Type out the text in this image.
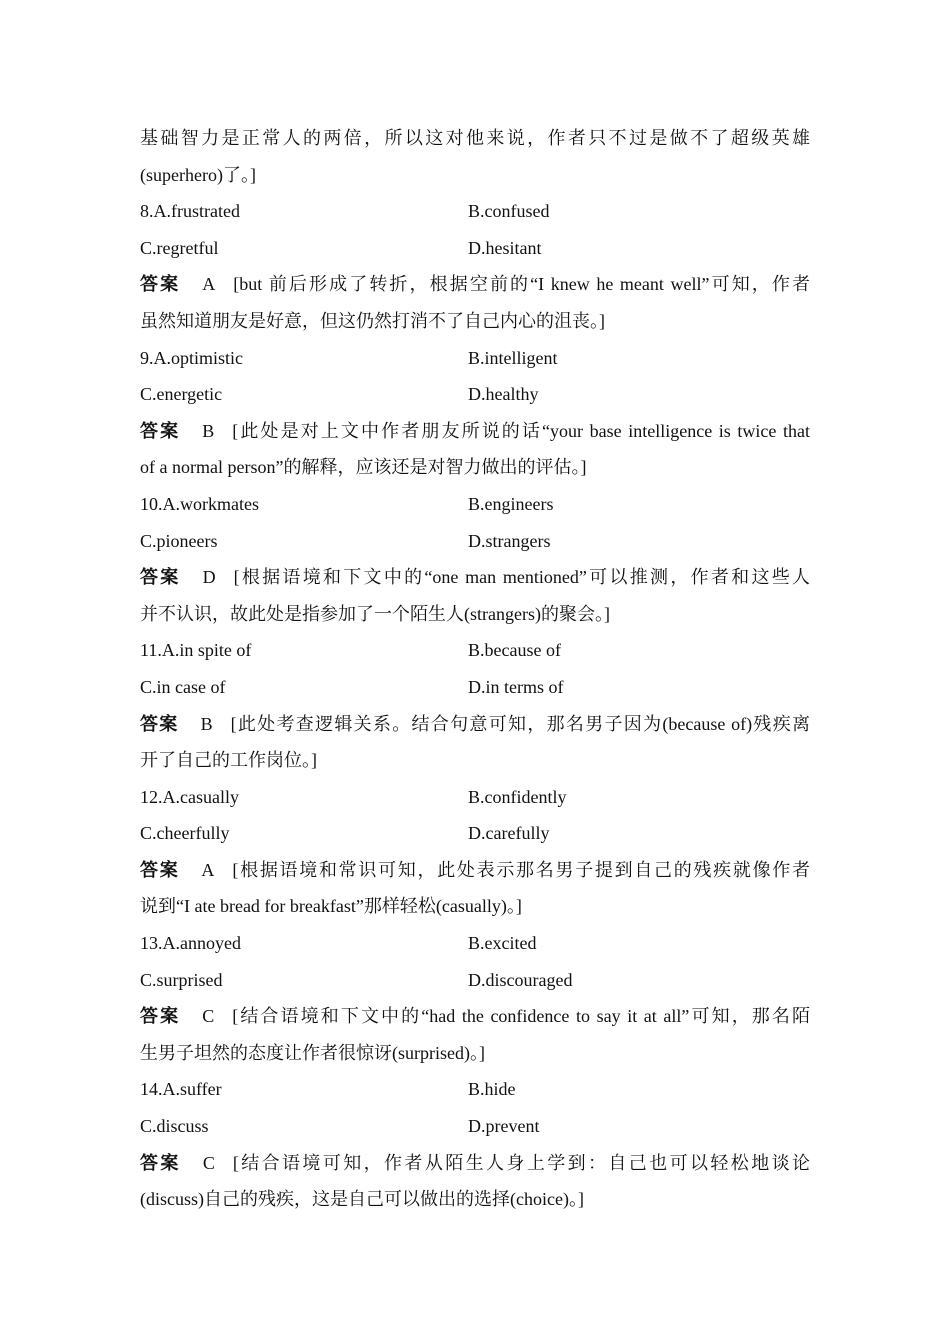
基础智力是正常人的两倍，所以这对他来说，作者只不过是做不了超级英雄
(superhero)了。]
8.A.frustrated	B.confused
C.regretful	D.hesitant
答案 A [but 前后形成了转折，根据空前的“I knew he meant well”可知，作者
虽然知道朋友是好意，但这仍然打消不了自己内心的沮丧。]
9.A.optimistic	B.intelligent
C.energetic	D.healthy
答案 B [此处是对上文中作者朋友所说的话“your base intelligence is twice that
of a normal person”的解释，应该还是对智力做出的评估。]
10.A.workmates	B.engineers
C.pioneers	D.strangers
答案 D [根据语境和下文中的“one man mentioned”可以推测，作者和这些人
并不认识，故此处是指参加了一个陌生人(strangers)的聚会。]
11.A.in spite of	B.because of
C.in case of	D.in terms of
答案 B [此处考查逻辑关系。结合句意可知，那名男子因为(because of)残疾离
开了自己的工作岗位。]
12.A.casually	B.confidently
C.cheerfully	D.carefully
答案 A [根据语境和常识可知，此处表示那名男子提到自己的残疾就像作者
说到“I ate bread for breakfast”那样轻松(casually)。]
13.A.annoyed	B.excited
C.surprised	D.discouraged
答案 C [结合语境和下文中的“had the confidence to say it at all”可知，那名陌
生男子坦然的态度让作者很惊讶(surprised)。]
14.A.suffer	B.hide
C.discuss	D.prevent
答案 C [结合语境可知，作者从陌生人身上学到：自己也可以轻松地谈论
(discuss)自己的残疾，这是自己可以做出的选择(choice)。]
